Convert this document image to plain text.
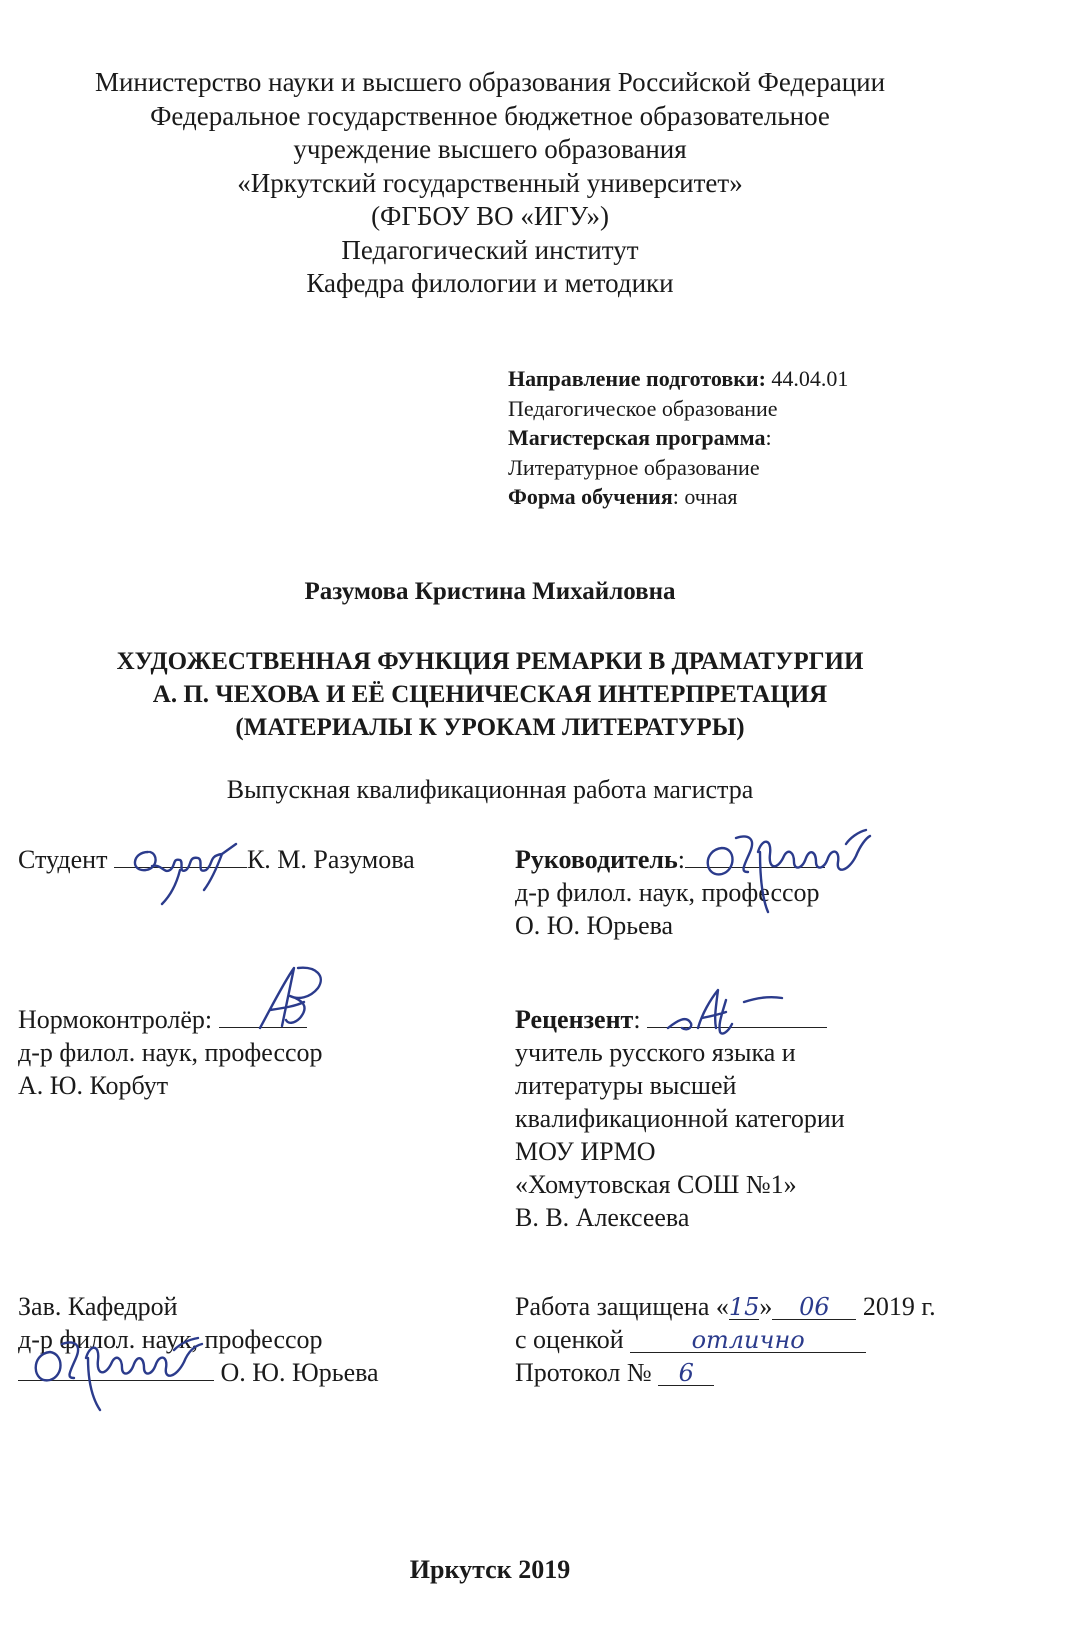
Министерство науки и высшего образования Российской Федерации
Федеральное государственное бюджетное образовательное
учреждение высшего образования
«Иркутский государственный университет»
(ФГБОУ ВО «ИГУ»)
Педагогический институт
Кафедра филологии и методики
Направление подготовки: 44.04.01
Педагогическое образование
Магистерская программа:
Литературное образование
Форма обучения: очная
Разумова Кристина Михайловна
ХУДОЖЕСТВЕННАЯ ФУНКЦИЯ РЕМАРКИ В ДРАМАТУРГИИ
А. П. ЧЕХОВА И ЕЁ СЦЕНИЧЕСКАЯ ИНТЕРПРЕТАЦИЯ
(МАТЕРИАЛЫ К УРОКАМ ЛИТЕРАТУРЫ)
Выпускная квалификационная работа магистра
Студент	К. М. Разумова	Руководитель:
д-р филол. наук, профессор
О. Ю. Юрьева
Нормоконтролёр:
д-р филол. наук, профессор
А. Ю. Корбут
Рецензент:
учитель русского языка и
литературы высшей
квалификационной категории
МОУ ИРМО
«Хомутовская СОШ №1»
В. В. Алексеева
Зав. Кафедрой
д-р филол. наук, профессор
О. Ю. Юрьева
Работа защищена «15» 06 2019 г.
с оценкой	отлично
Протокол № 6
Иркутск 2019
